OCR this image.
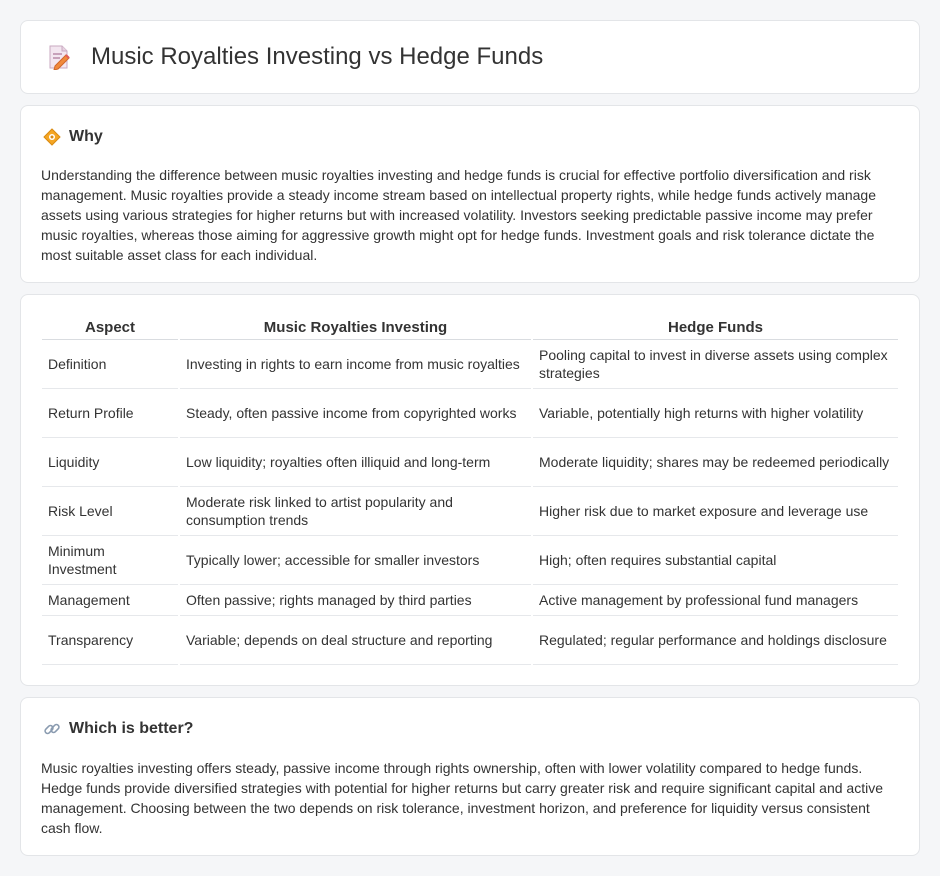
Music Royalties Investing vs Hedge Funds
Why

Understanding the difference between music royalties investing and hedge funds is crucial for effective portfolio diversification and risk management. Music royalties provide a steady income stream based on intellectual property rights, while hedge funds actively manage assets using various strategies for higher returns but with increased volatility. Investors seeking predictable passive income may prefer music royalties, whereas those aiming for aggressive growth might opt for hedge funds. Investment goals and risk tolerance dictate the most suitable asset class for each individual.

Aspect	Music Royalties Investing	Hedge Funds
Definition	Investing in rights to earn income from music royalties	Pooling capital to invest in diverse assets using complex strategies
Return Profile	Steady, often passive income from copyrighted works	Variable, potentially high returns with higher volatility
Liquidity	Low liquidity; royalties often illiquid and long-term	Moderate liquidity; shares may be redeemed periodically
Risk Level	Moderate risk linked to artist popularity and consumption trends	Higher risk due to market exposure and leverage use
Minimum Investment	Typically lower; accessible for smaller investors	High; often requires substantial capital
Management	Often passive; rights managed by third parties	Active management by professional fund managers
Transparency	Variable; depends on deal structure and reporting	Regulated; regular performance and holdings disclosure
Which is better?

Music royalties investing offers steady, passive income through rights ownership, often with lower volatility compared to hedge funds. Hedge funds provide diversified strategies with potential for higher returns but carry greater risk and require significant capital and active management. Choosing between the two depends on risk tolerance, investment horizon, and preference for liquidity versus consistent cash flow.
